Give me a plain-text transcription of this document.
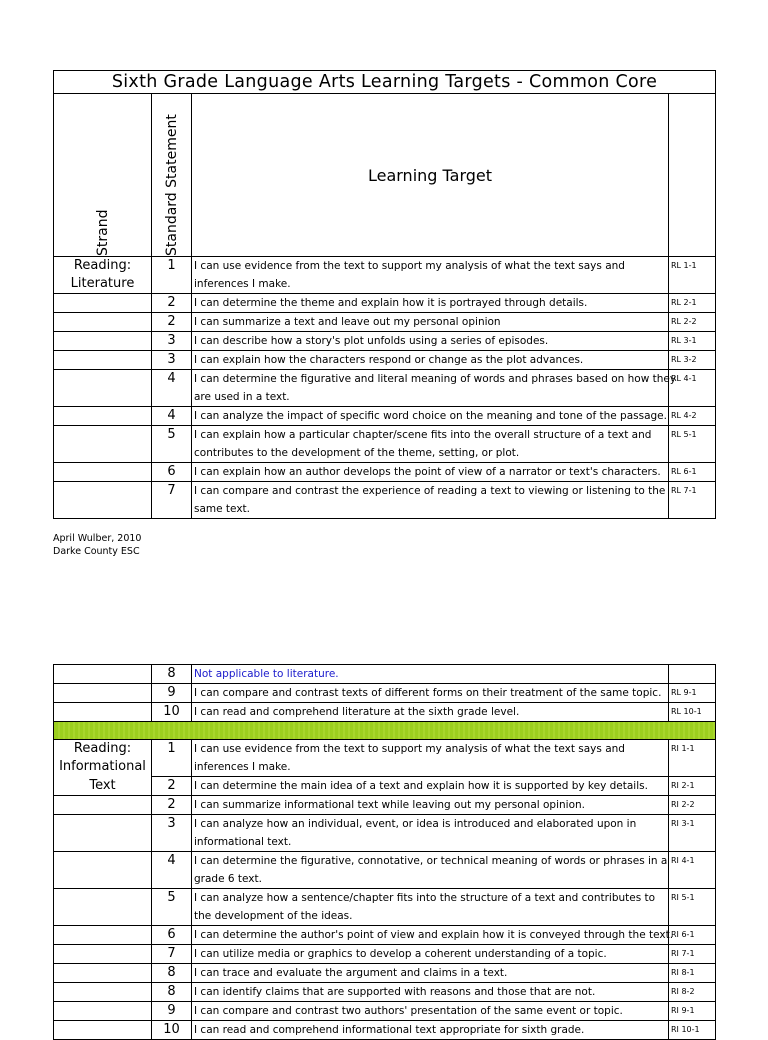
Sixth Grade Language Arts Learning Targets - Common Core			

Strand	Standard Statement	Learning Target	
Reading:	1	I can use evidence from the text to support my analysis of what the text says and	RL 1-1
Literature		inferences I make.	
	2	I can determine the theme and explain how it is portrayed through details.	RL 2-1
	2	I can summarize a text and leave out my personal opinion	RL 2-2
	3	I can describe how a story's plot unfolds using a series of episodes.	RL 3-1
	3	I can explain how the characters respond or change as the plot advances.	RL 3-2
	4	I can determine the figurative and literal meaning of words and phrases based on how they	RL 4-1
		are used in a text.	
	4	I can analyze the impact of specific word choice on the meaning and tone of the passage.	RL 4-2
	5	I can explain how a particular chapter/scene fits into the overall structure of a text and	RL 5-1
		contributes to the development of the theme, setting, or plot.	
	6	I can explain how an author develops the point of view of a narrator or text's characters.	RL 6-1
	7	I can compare and contrast the experience of reading a text to viewing or listening to the	RL 7-1
		same text.	
April Wulber, 2010
Darke County ESC
	8	Not applicable to literature.	
	9	I can compare and contrast texts of different forms on their treatment of the same topic.	RL 9-1
	10	I can read and comprehend literature at the sixth grade level.	RL 10-1

Reading:	1	I can use evidence from the text to support my analysis of what the text says and	RI 1-1
Informational		inferences I make.	
Text	2	I can determine the main idea of a text and explain how it is supported by key details.	RI 2-1
	2	I can summarize informational text while leaving out my personal opinion.	RI 2-2
	3	I can analyze how an individual, event, or idea is introduced and elaborated upon in	RI 3-1
		informational text.	
	4	I can determine the figurative, connotative, or technical meaning of words or phrases in a	RI 4-1
		grade 6 text.	
	5	I can analyze how a sentence/chapter fits into the structure of a text and contributes to	RI 5-1
		the development of the ideas.	
	6	I can determine the author's point of view and explain how it is conveyed through the text.	RI 6-1
	7	I can utilize media or graphics to develop a coherent understanding of a topic.	RI 7-1
	8	I can trace and evaluate the argument and claims in a text.	RI 8-1
	8	I can identify claims that are supported with reasons and those that are not.	RI 8-2
	9	I can compare and contrast two authors' presentation of the same event or topic.	RI 9-1
	10	I can read and comprehend informational text appropriate for sixth grade.	RI 10-1
